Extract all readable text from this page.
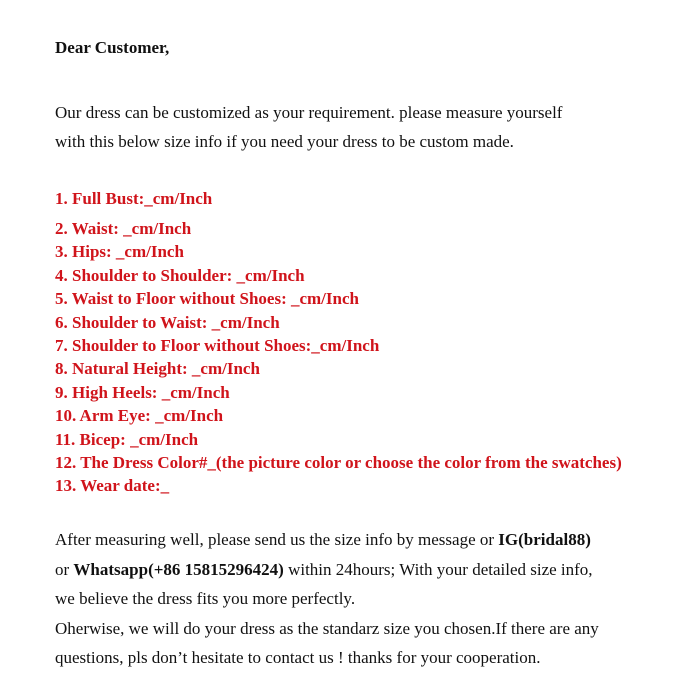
Dear Customer,
Our dress can be customized as your requirement. please measure yourself
with this below size info if you need your dress to be custom made.
1. Full Bust:_cm/Inch
2. Waist: _cm/Inch
3. Hips: _cm/Inch
4. Shoulder to Shoulder: _cm/Inch
5. Waist to Floor without Shoes: _cm/Inch
6. Shoulder to Waist: _cm/Inch
7. Shoulder to Floor without Shoes:_cm/Inch
8. Natural Height: _cm/Inch
9. High Heels: _cm/Inch
10. Arm Eye: _cm/Inch
11. Bicep: _cm/Inch
12. The Dress Color#_(the picture color or choose the color from the swatches)
13. Wear date:_
After measuring well, please send us the size info by message or IG(bridal88)
or Whatsapp(+86 15815296424) within 24hours; With your detailed size info,
we believe the dress fits you more perfectly.
Oherwise, we will do your dress as the standarz size you chosen.If there are any
questions, pls don’t hesitate to contact us ! thanks for your cooperation.
